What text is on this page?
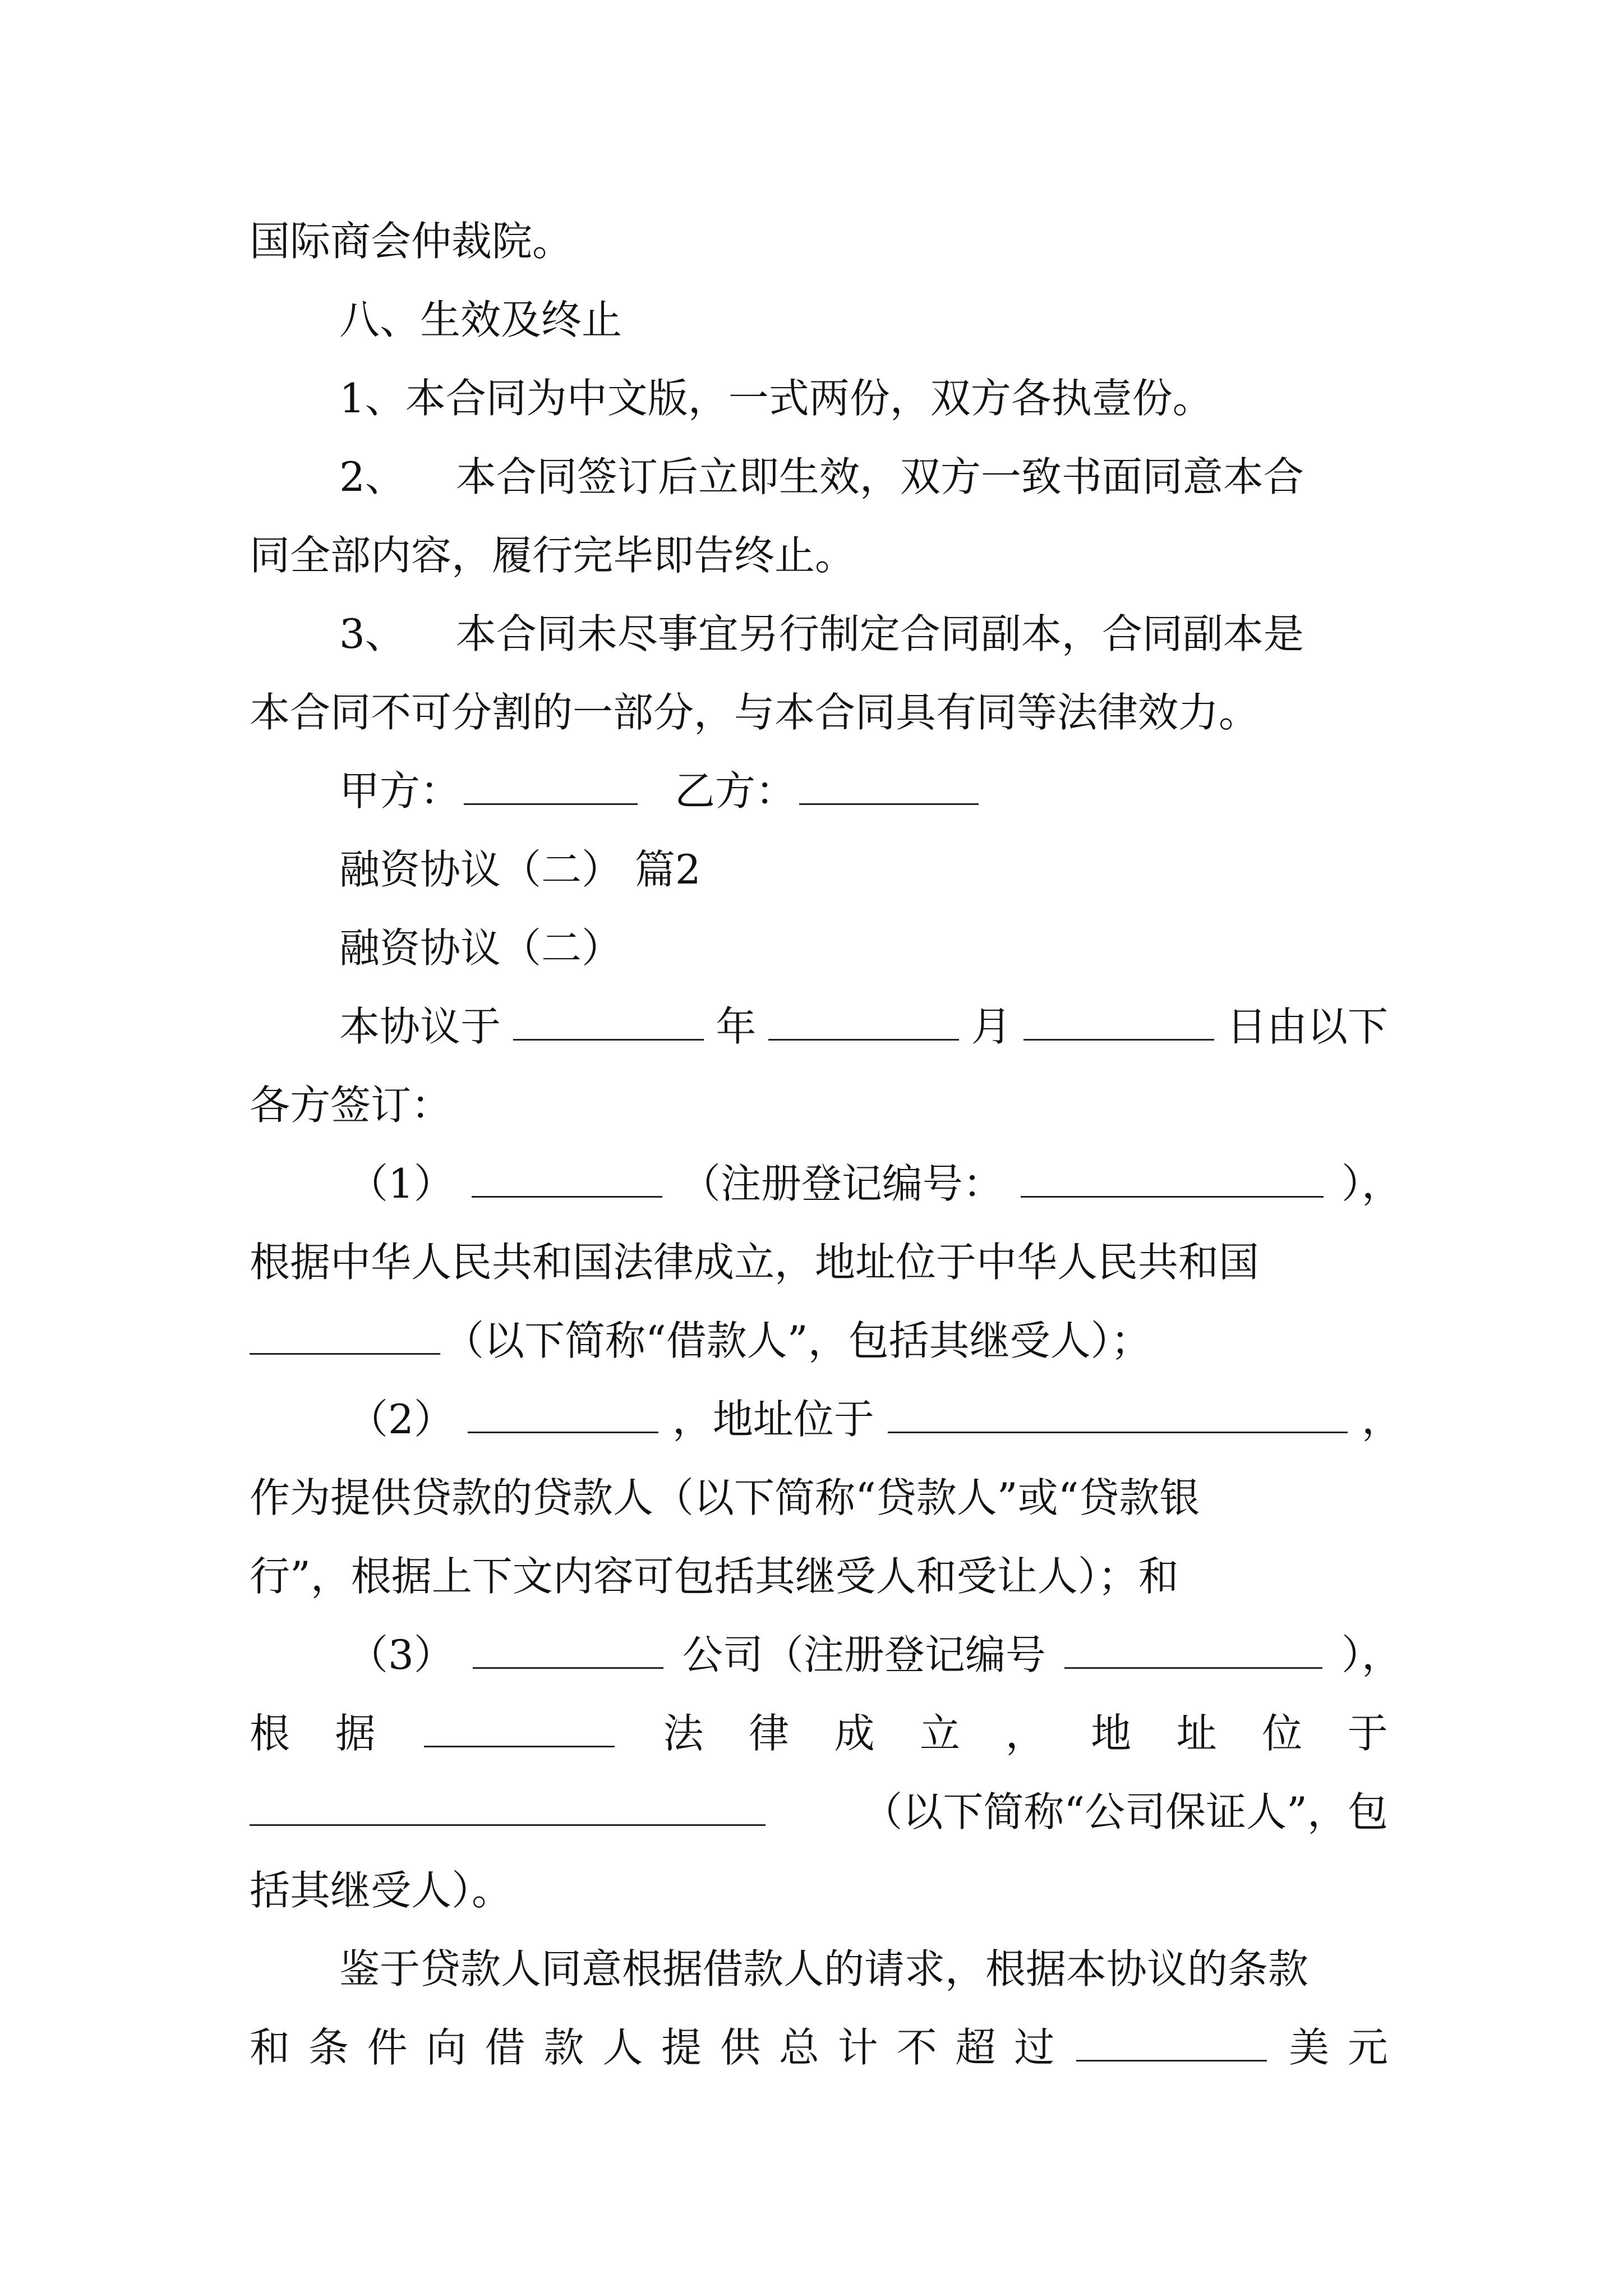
国际商会仲裁院。
八、生效及终止
1、本合同为中文版，一式两份，双方各执壹份。
2、 本合同签订后立即生效，双方一致书面同意本合
同全部内容，履行完毕即告终止。
3、 本合同未尽事宜另行制定合同副本，合同副本是
本合同不可分割的一部分，与本合同具有同等法律效力。
甲方：	乙方：
融资协议（二） 篇2
融资协议（二）
本协议于	年	月	日由以下
各方签订：
（1）	（注册登记编号：	），
根据中华人民共和国法律成立，地址位于中华人民共和国
（以下简称“借款人”，包括其继受人）；
（2）	，地址位于	，
作为提供贷款的贷款人（以下简称“贷款人”或“贷款银
行”，根据上下文内容可包括其继受人和受让人）；和
（3）	公司（注册登记编号	），
根 据	法 律 成 立 ， 地 址 位 于
（以下简称“公司保证人”，包
括其继受人）。
鉴于贷款人同意根据借款人的请求，根据本协议的条款
和 条 件 向 借 款 人 提 供 总 计 不 超 过	美 元
